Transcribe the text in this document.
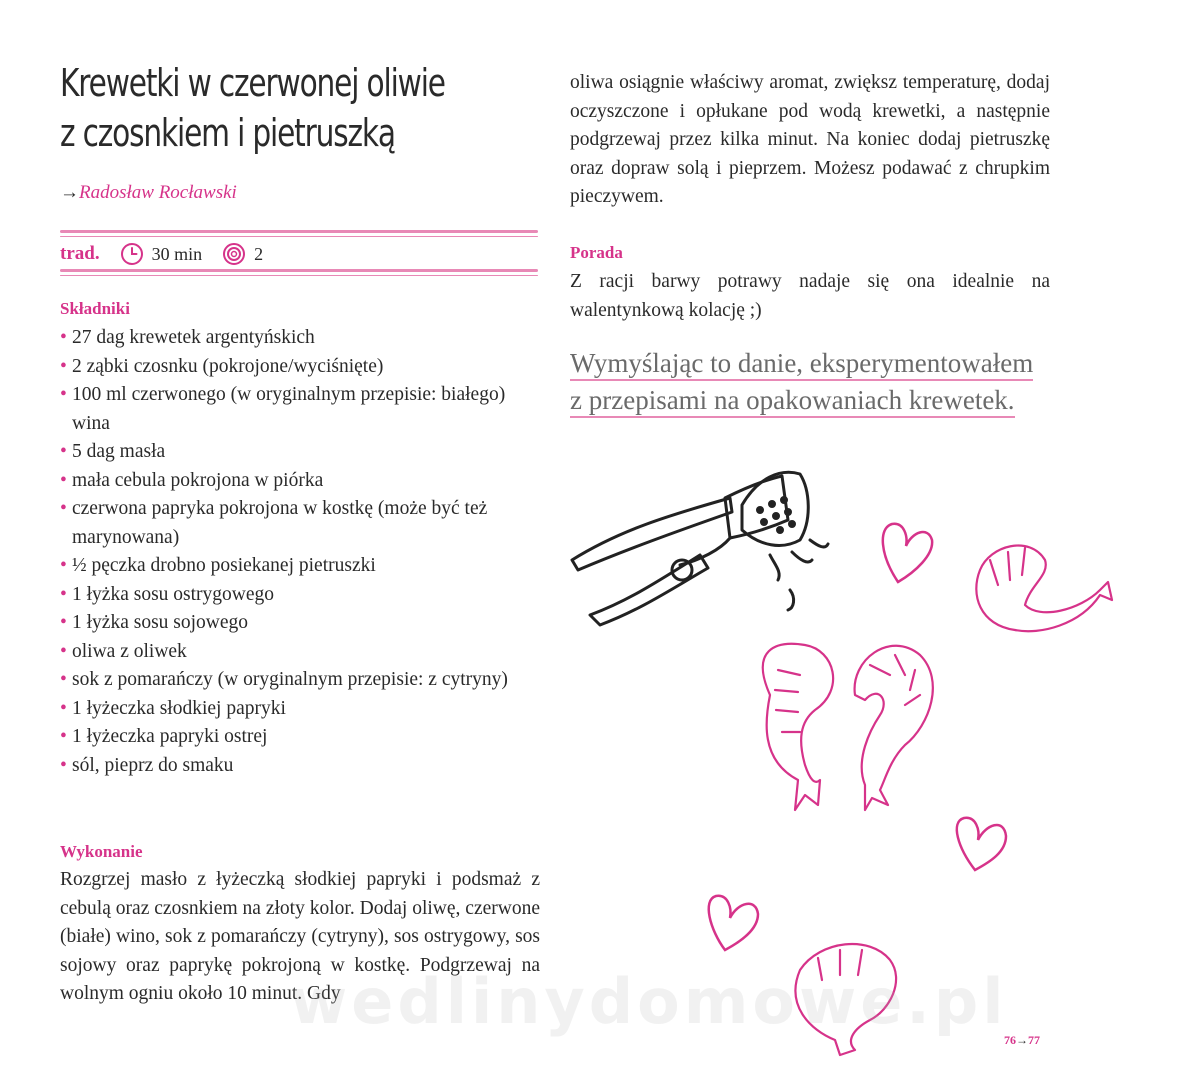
Krewetki w czerwonej oliwie
z czosnkiem i pietruszką
→Radosław Rocławski
trad.	30 min	2
Składniki
• 27 dag krewetek argentyńskich
• 2 ząbki czosnku (pokrojone/wyciśnięte)
• 100 ml czerwonego (w oryginalnym przepisie: białego) wina
• 5 dag masła
• mała cebula pokrojona w piórka
• czerwona papryka pokrojona w kostkę (może być też marynowana)
• ½ pęczka drobno posiekanej pietruszki
• 1 łyżka sosu ostrygowego
• 1 łyżka sosu sojowego
• oliwa z oliwek
• sok z pomarańczy (w oryginalnym przepisie: z cytryny)
• 1 łyżeczka słodkiej papryki
• 1 łyżeczka papryki ostrej
• sól, pieprz do smaku
Wykonanie

Rozgrzej masło z łyżeczką słodkiej papryki i podsmaż z cebulą oraz czosnkiem na złoty kolor. Dodaj oliwę, czerwone (białe) wino, sok z pomarańczy (cytryny), sos ostrygowy, sos sojowy oraz paprykę pokrojoną w kostkę. Podgrzewaj na wolnym ogniu około 10 minut. Gdy

oliwa osiągnie właściwy aromat, zwiększ temperaturę, dodaj oczyszczone i opłukane pod wodą krewetki, a następnie podgrzewaj przez kilka minut. Na koniec dodaj pietruszkę oraz dopraw solą i pieprzem. Możesz podawać z chrupkim pieczywem.

Porada

Z racji barwy potrawy nadaje się ona idealnie na walentynkową kolację ;)

Wymyślając to danie, eksperymentowałem
z przepisami na opakowaniach krewetek.
wedlinydomowe.pl
76→77
